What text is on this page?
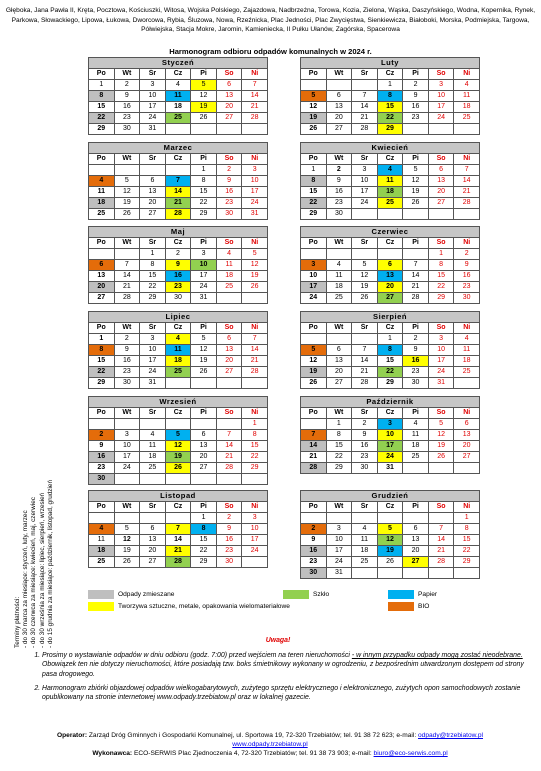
Głęboka, Jana Pawła II, Kręta, Pocztowa, Kościuszki, Witosa, Wojska Polskiego, Zajazdowa, Nadbrzeżna, Torowa, Kozia, Zielona, Wąska, Daszyńskiego, Wodna, Kopernika, Rynek, Parkowa, Słowackiego, Lipowa, Łukowa, Dworcowa, Rybia, Śluzowa, Nowa, Rzeźnicka, Plac Jedności, Plac Zwycięstwa, Sienkiewicza, Białoboki, Morska, Podmiejska, Targowa, Półwiejska, Stacja Mokre, Jaromin, Kamienieckа, II Pułku Ułanów, Zagórska, Spacerowa
Harmonogram odbioru odpadów komunalnych w 2024 r.
Terminy płatności: - do 30 marca za miesiące: styczeń, luty, marzec - do 30 czerwca za miesiące: kwiecień, maj, czerwiec - do 30 września za miesiące: lipiec, sierpień, wrzesień - do 15 grudnia za miesiące: październik, listopad, grudzień
Styczeń						
Po	Wt	Śr	Cz	Pi	So	Ni
1	2	3	4	5	6	7
8	9	10	11	12	13	14
15	16	17	18	19	20	21
22	23	24	25	26	27	28
29	30	31				
Luty						
Po	Wt	Śr	Cz	Pi	So	Ni
			1	2	3	4
5	6	7	8	9	10	11
12	13	14	15	16	17	18
19	20	21	22	23	24	25
26	27	28	29			
Marzec						
Po	Wt	Śr	Cz	Pi	So	Ni
				1	2	3
4	5	6	7	8	9	10
11	12	13	14	15	16	17
18	19	20	21	22	23	24
25	26	27	28	29	30	31
Kwiecień						
Po	Wt	Śr	Cz	Pi	So	Ni
1	2	3	4	5	6	7
8	9	10	11	12	13	14
15	16	17	18	19	20	21
22	23	24	25	26	27	28
29	30					
Maj						
Po	Wt	Śr	Cz	Pi	So	Ni
		1	2	3	4	5
6	7	8	9	10	11	12
13	14	15	16	17	18	19
20	21	22	23	24	25	26
27	28	29	30	31		
Czerwiec						
Po	Wt	Śr	Cz	Pi	So	Ni
					1	2
3	4	5	6	7	8	9
10	11	12	13	14	15	16
17	18	19	20	21	22	23
24	25	26	27	28	29	30
Lipiec						
Po	Wt	Śr	Cz	Pi	So	Ni
1	2	3	4	5	6	7
8	9	10	11	12	13	14
15	16	17	18	19	20	21
22	23	24	25	26	27	28
29	30	31				
Sierpień						
Po	Wt	Śr	Cz	Pi	So	Ni
			1	2	3	4
5	6	7	8	9	10	11
12	13	14	15	16	17	18
19	20	21	22	23	24	25
26	27	28	29	30	31	
Wrzesień						
Po	Wt	Śr	Cz	Pi	So	Ni
						1
2	3	4	5	6	7	8
9	10	11	12	13	14	15
16	17	18	19	20	21	22
23	24	25	26	27	28	29
30						
Październik						
Po	Wt	Śr	Cz	Pi	So	Ni
	1	2	3	4	5	6
7	8	9	10	11	12	13
14	15	16	17	18	19	20
21	22	23	24	25	26	27
28	29	30	31			
Listopad						
Po	Wt	Śr	Cz	Pi	So	Ni
				1	2	3
4	5	6	7	8	9	10
11	12	13	14	15	16	17
18	19	20	21	22	23	24
25	26	27	28	29	30	
Grudzień						
Po	Wt	Śr	Cz	Pi	So	Ni
						1
2	3	4	5	6	7	8
9	10	11	12	13	14	15
16	17	18	19	20	21	22
23	24	25	26	27	28	29
30	31					
Odpady zmieszane	Szkło	Papier
Tworzywa sztuczne, metale, opakowania wielomateriałowe	BIO
Uwaga!
1. Prosimy o wystawianie odpadów w dniu odbioru (godz. 7:00) przed wejściem na teren nieruchomości - w innym przypadku odpady mogą zostać nieodebrane. Obowiązek ten nie dotyczy nieruchomości, które posiadają tzw. boks śmietnikowy wykonany w ogrodzeniu, z bezpośrednim utwardzonym dostępem od strony pasa drogowego.
2. Harmonogram zbiórki objazdowej odpadów wielkogabarytowych, zużytego sprzętu elektrycznego i elektronicznego, zużytych opon samochodowych zostanie opublikowany na stronie internetowej www.odpady.trzebiatow.pl oraz w lokalnej gazecie.
Operator: Zarząd Dróg Gminnych i Gospodarki Komunalnej, ul. Sportowa 19, 72-320 Trzebiatów; tel. 91 38 72 623; e-mail: odpady@trzebiatow.pl
www.odpady.trzebiatow.pl
Wykonawca: ECO-SERWIS Plac Zjednoczenia 4, 72-320 Trzebiatów; tel. 91 38 73 903; e-mail: biuro@eco-serwis.com.pl
